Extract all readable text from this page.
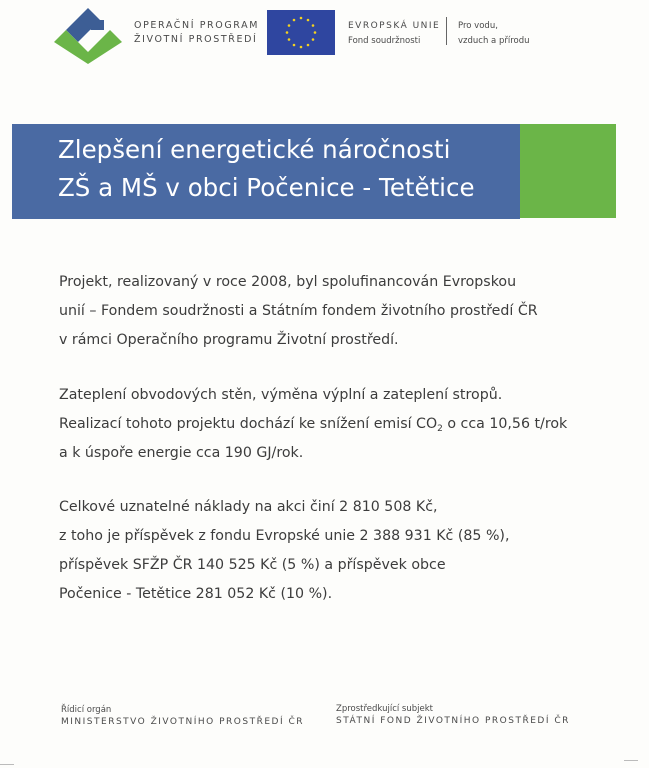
OPERAČNÍ PROGRAM
ŽIVOTNÍ PROSTŘEDÍ
EVROPSKÁ UNIE
Fond soudržnosti
Pro vodu,
vzduch a přírodu
Zlepšení energetické náročnosti
ZŠ a MŠ v obci Počenice - Tetětice

Projekt, realizovaný v roce 2008, byl spolufinancován Evropskou
unií – Fondem soudržnosti a Státním fondem životního prostředí ČR
v rámci Operačního programu Životní prostředí.

Zateplení obvodových stěn, výměna výplní a zateplení stropů.
Realizací tohoto projektu dochází ke snížení emisí $CO_2$ o cca 10,56 t/rok
a k úspoře energie cca 190 GJ/rok.

Celkové uznatelné náklady na akci činí 2 810 508 Kč,
z toho je příspěvek z fondu Evropské unie 2 388 931 Kč (85 %),
příspěvek SFŽP ČR 140 525 Kč (5 %) a příspěvek obce
Počenice - Tetětice 281 052 Kč (10 %).

Řídicí orgán
MINISTERSTVO ŽIVOTNÍHO PROSTŘEDÍ ČR
Zprostředkující subjekt
STÁTNÍ FOND ŽIVOTNÍHO PROSTŘEDÍ ČR
